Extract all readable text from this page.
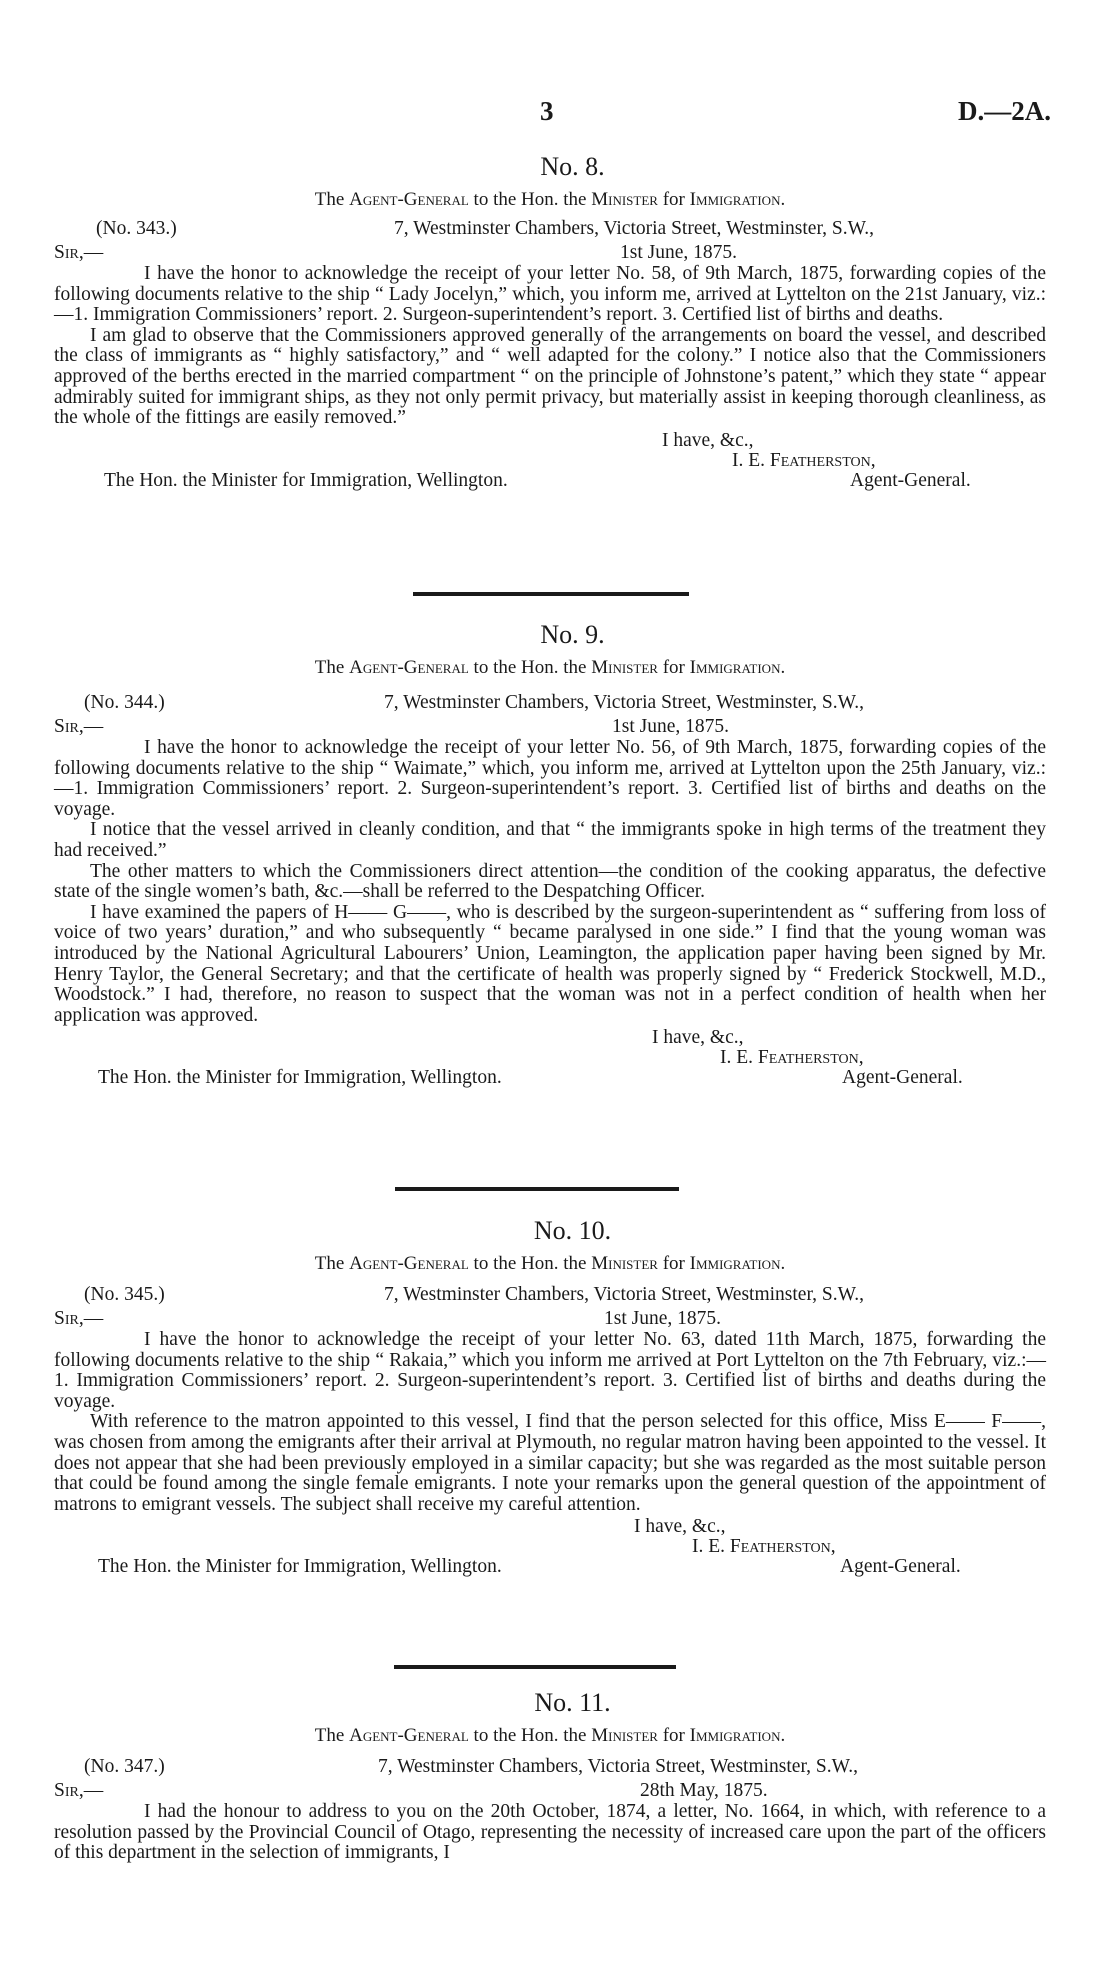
3	D.—2A.
No. 8.
The Agent-General to the Hon. the Minister for Immigration.
(No. 343.)	7, Westminster Chambers, Victoria Street, Westminster, S.W.,
Sir,—	1st June, 1875.

I have the honor to acknowledge the receipt of your letter No. 58, of 9th March, 1875, forwarding copies of the following documents relative to the ship “ Lady Jocelyn,” which, you inform me, arrived at Lyttelton on the 21st January, viz.:—1. Immigration Commissioners’ report. 2. Surgeon-superintendent’s report. 3. Certified list of births and deaths.

I am glad to observe that the Commissioners approved generally of the arrangements on board the vessel, and described the class of immigrants as “ highly satisfactory,” and “ well adapted for the colony.” I notice also that the Commissioners approved of the berths erected in the married compartment “ on the principle of Johnstone’s patent,” which they state “ appear admirably suited for immigrant ships, as they not only permit privacy, but materially assist in keeping thorough cleanliness, as the whole of the fittings are easily removed.”

I have, &c.,
I. E. Featherston,
The Hon. the Minister for Immigration, Wellington.	Agent-General.
No. 9.
The Agent-General to the Hon. the Minister for Immigration.
(No. 344.)	7, Westminster Chambers, Victoria Street, Westminster, S.W.,
Sir,—	1st June, 1875.

I have the honor to acknowledge the receipt of your letter No. 56, of 9th March, 1875, forwarding copies of the following documents relative to the ship “ Waimate,” which, you inform me, arrived at Lyttelton upon the 25th January, viz.:—1. Immigration Commissioners’ report. 2. Surgeon-superintendent’s report. 3. Certified list of births and deaths on the voyage.

I notice that the vessel arrived in cleanly condition, and that “ the immigrants spoke in high terms of the treatment they had received.”

The other matters to which the Commissioners direct attention—the condition of the cooking apparatus, the defective state of the single women’s bath, &c.—shall be referred to the Despatching Officer.

I have examined the papers of H—— G——, who is described by the surgeon-superintendent as “ suffering from loss of voice of two years’ duration,” and who subsequently “ became paralysed in one side.” I find that the young woman was introduced by the National Agricultural Labourers’ Union, Leamington, the application paper having been signed by Mr. Henry Taylor, the General Secretary; and that the certificate of health was properly signed by “ Frederick Stockwell, M.D., Woodstock.” I had, therefore, no reason to suspect that the woman was not in a perfect condition of health when her application was approved.

I have, &c.,
I. E. Featherston,
The Hon. the Minister for Immigration, Wellington.	Agent-General.
No. 10.
The Agent-General to the Hon. the Minister for Immigration.
(No. 345.)	7, Westminster Chambers, Victoria Street, Westminster, S.W.,
Sir,—	1st June, 1875.

I have the honor to acknowledge the receipt of your letter No. 63, dated 11th March, 1875, forwarding the following documents relative to the ship “ Rakaia,” which you inform me arrived at Port Lyttelton on the 7th February, viz.:—1. Immigration Commissioners’ report. 2. Surgeon-superintendent’s report. 3. Certified list of births and deaths during the voyage.

With reference to the matron appointed to this vessel, I find that the person selected for this office, Miss E—— F——, was chosen from among the emigrants after their arrival at Plymouth, no regular matron having been appointed to the vessel. It does not appear that she had been previously employed in a similar capacity; but she was regarded as the most suitable person that could be found among the single female emigrants. I note your remarks upon the general question of the appointment of matrons to emigrant vessels. The subject shall receive my careful attention.

I have, &c.,
I. E. Featherston,
The Hon. the Minister for Immigration, Wellington.	Agent-General.
No. 11.
The Agent-General to the Hon. the Minister for Immigration.
(No. 347.)	7, Westminster Chambers, Victoria Street, Westminster, S.W.,
Sir,—	28th May, 1875.

I had the honour to address to you on the 20th October, 1874, a letter, No. 1664, in which, with reference to a resolution passed by the Provincial Council of Otago, representing the necessity of increased care upon the part of the officers of this department in the selection of immigrants, I
